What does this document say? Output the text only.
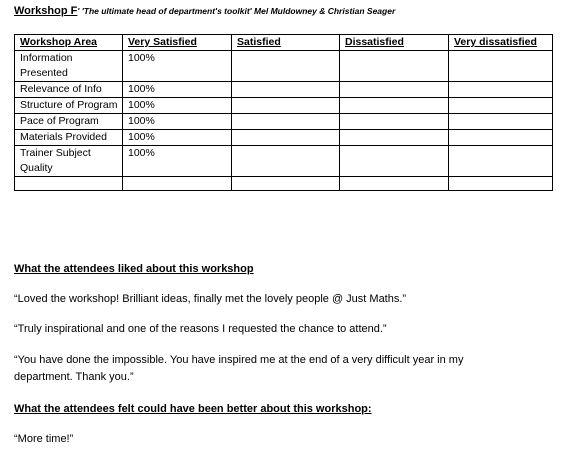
Workshop F' 'The ultimate head of department's toolkit' Mel Muldowney & Christian Seager
Workshop Area	Very Satisfied	Satisfied	Dissatisfied	Very dissatisfied
Information Presented	100%			
Relevance of Info	100%			
Structure of Program	100%			
Pace of Program	100%			
Materials Provided	100%			
Trainer Subject Quality	100%			

What the attendees liked about this workshop
“Loved the workshop! Brilliant ideas, finally met the lovely people @ Just Maths.”
“Truly inspirational and one of the reasons I requested the chance to attend.”
“You have done the impossible. You have inspired me at the end of a very difficult year in my department. Thank you.”
What the attendees felt could have been better about this workshop:
“More time!”
